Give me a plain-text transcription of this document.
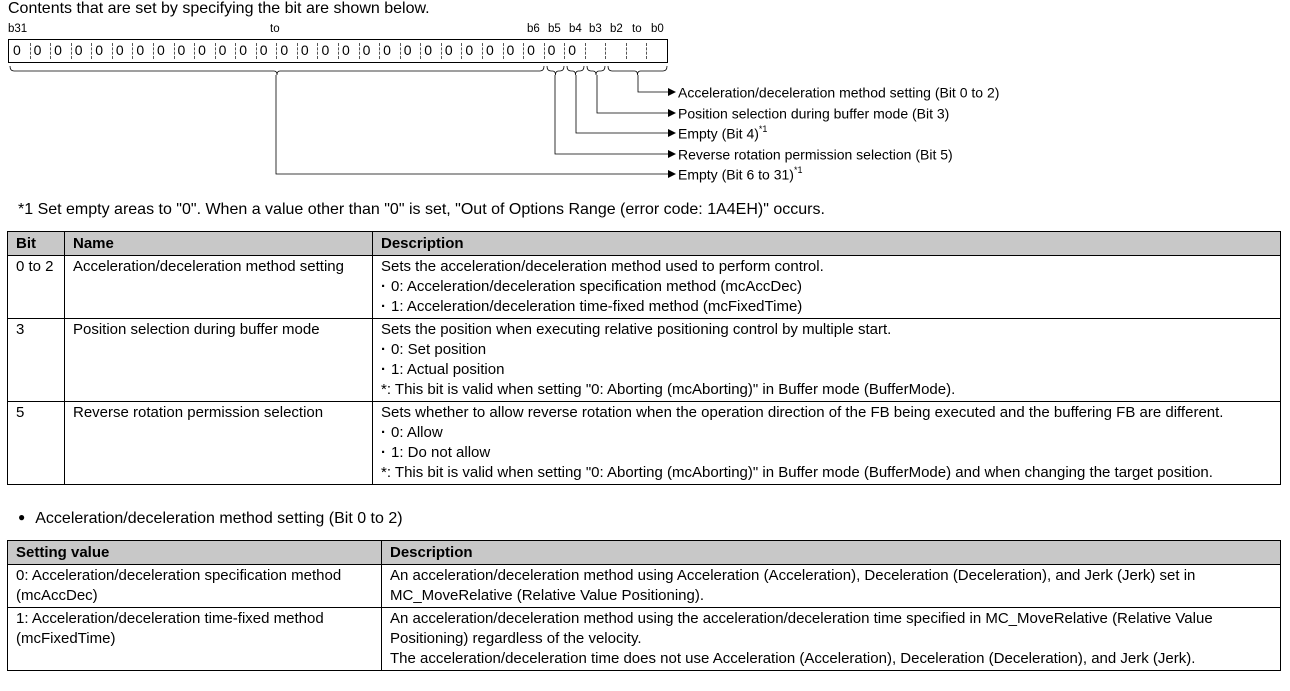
Contents that are set by specifying the bit are shown below.
b31	to	b6 b5 b4 b3 b2 to b0
0 0 0 0 0 0 0 0 0 0 0 0 0 0 0 0 0 0 0 0 0 0 0 0 0 0 0 0
Acceleration/deceleration method setting (Bit 0 to 2)
Position selection during buffer mode (Bit 3)
Empty (Bit 4)$^{*1}$
Reverse rotation permission selection (Bit 5)
Empty (Bit 6 to 31)$^{*1}$
*1 Set empty areas to "0". When a value other than "0" is set, "Out of Options Range (error code: 1A4EH)" occurs.
Bit	Name	Description
0 to 2	Acceleration/deceleration method setting	Sets the acceleration/deceleration method used to perform control.
· 0: Acceleration/deceleration specification method (mcAccDec)
· 1: Acceleration/deceleration time-fixed method (mcFixedTime)

3	Position selection during buffer mode	Sets the position when executing relative positioning control by multiple start.
· 0: Set position
· 1: Actual position
*: This bit is valid when setting "0: Aborting (mcAborting)" in Buffer mode (BufferMode).

5	Reverse rotation permission selection	Sets whether to allow reverse rotation when the operation direction of the FB being executed and the buffering FB are different.
· 0: Allow
· 1: Do not allow
*: This bit is valid when setting "0: Aborting (mcAborting)" in Buffer mode (BufferMode) and when changing the target position.
● Acceleration/deceleration method setting (Bit 0 to 2)
Setting value	Description
0: Acceleration/deceleration specification method (mcAccDec)	An acceleration/deceleration method using Acceleration (Acceleration), Deceleration (Deceleration), and Jerk (Jerk) set in MC_MoveRelative (Relative Value Positioning).

1: Acceleration/deceleration time-fixed method (mcFixedTime)	An acceleration/deceleration method using the acceleration/deceleration time specified in MC_MoveRelative (Relative Value Positioning) regardless of the velocity.
The acceleration/deceleration time does not use Acceleration (Acceleration), Deceleration (Deceleration), and Jerk (Jerk).
